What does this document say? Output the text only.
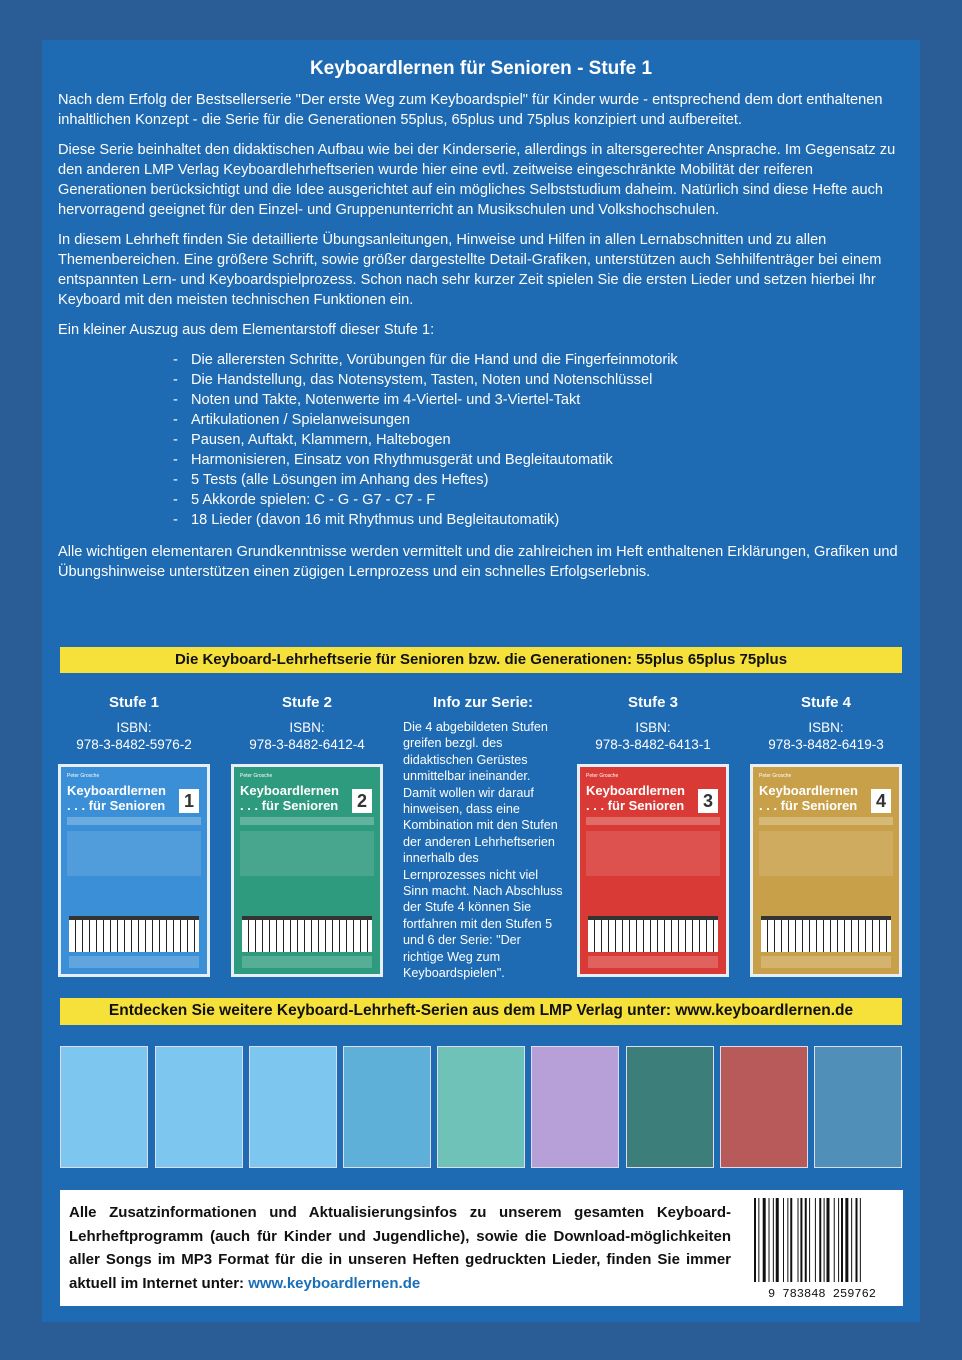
Keyboardlernen für Senioren - Stufe 1

Nach dem Erfolg der Bestsellerserie "Der erste Weg zum Keyboardspiel" für Kinder wurde - entsprechend dem dort enthaltenen inhaltlichen Konzept - die Serie für die Generationen 55plus, 65plus und 75plus konzipiert und aufbereitet.

Diese Serie beinhaltet den didaktischen Aufbau wie bei der Kinderserie, allerdings in altersgerechter Ansprache. Im Gegensatz zu den anderen LMP Verlag Keyboardlehrheftserien wurde hier eine evtl. zeitweise eingeschränkte Mobilität der reiferen Generationen berücksichtigt und die Idee ausgerichtet auf ein mögliches Selbststudium daheim. Natürlich sind diese Hefte auch hervorragend geeignet für den Einzel- und Gruppenunterricht an Musikschulen und Volkshochschulen.

In diesem Lehrheft finden Sie detaillierte Übungsanleitungen, Hinweise und Hilfen in allen Lernabschnitten und zu allen Themenbereichen. Eine größere Schrift, sowie größer dargestellte Detail-Grafiken, unterstützen auch Sehhilfenträger bei einem entspannten Lern- und Keyboardspielprozess. Schon nach sehr kurzer Zeit spielen Sie die ersten Lieder und setzen hierbei Ihr Keyboard mit den meisten technischen Funktionen ein.

Ein kleiner Auszug aus dem Elementarstoff dieser Stufe 1:

- Die allerersten Schritte, Vorübungen für die Hand und die Fingerfeinmotorik
- Die Handstellung, das Notensystem, Tasten, Noten und Notenschlüssel
- Noten und Takte, Notenwerte im 4-Viertel- und 3-Viertel-Takt
- Artikulationen / Spielanweisungen
- Pausen, Auftakt, Klammern, Haltebogen
- Harmonisieren, Einsatz von Rhythmusgerät und Begleitautomatik
- 5 Tests (alle Lösungen im Anhang des Heftes)
- 5 Akkorde spielen: C - G - G7 - C7 - F
- 18 Lieder (davon 16 mit Rhythmus und Begleitautomatik)

Alle wichtigen elementaren Grundkenntnisse werden vermittelt und die zahlreichen im Heft enthaltenen Erklärungen, Grafiken und Übungshinweise unterstützen einen zügigen Lernprozess und ein schnelles Erfolgserlebnis.

Die Keyboard-Lehrheftserie für Senioren bzw. die Generationen: 55plus 65plus 75plus
Stufe 1
ISBN:
978-3-8482-5976-2
Stufe 2
ISBN:
978-3-8482-6412-4
Stufe 3
ISBN:
978-3-8482-6413-1
Stufe 4
ISBN:
978-3-8482-6419-3
Peter Grosche
Keyboardlernen
. . . für Senioren	1
Peter Grosche
Keyboardlernen
. . . für Senioren	2
Peter Grosche
Keyboardlernen
. . . für Senioren	3
Peter Grosche
Keyboardlernen
. . . für Senioren	4
Info zur Serie:
Die 4 abgebildeten Stufen greifen bezgl. des didaktischen Gerüstes unmittelbar ineinander. Damit wollen wir darauf hinweisen, dass eine Kombination mit den Stufen der anderen Lehrheftserien innerhalb des Lernprozesses nicht viel Sinn macht. Nach Abschluss der Stufe 4 können Sie fortfahren mit den Stufen 5 und 6 der Serie: "Der richtige Weg zum Keyboardspielen".
Entdecken Sie weitere Keyboard-Lehrheft-Serien aus dem LMP Verlag unter: www.keyboardlernen.de
Alle Zusatzinformationen und Aktualisierungsinfos zu unserem gesamten Keyboard-Lehrheftprogramm (auch für Kinder und Jugendliche), sowie die Download-möglichkeiten aller Songs im MP3 Format für die in unseren Heften gedruckten Lieder, finden Sie immer aktuell im Internet unter: www.keyboardlernen.de
9 783848 259762
